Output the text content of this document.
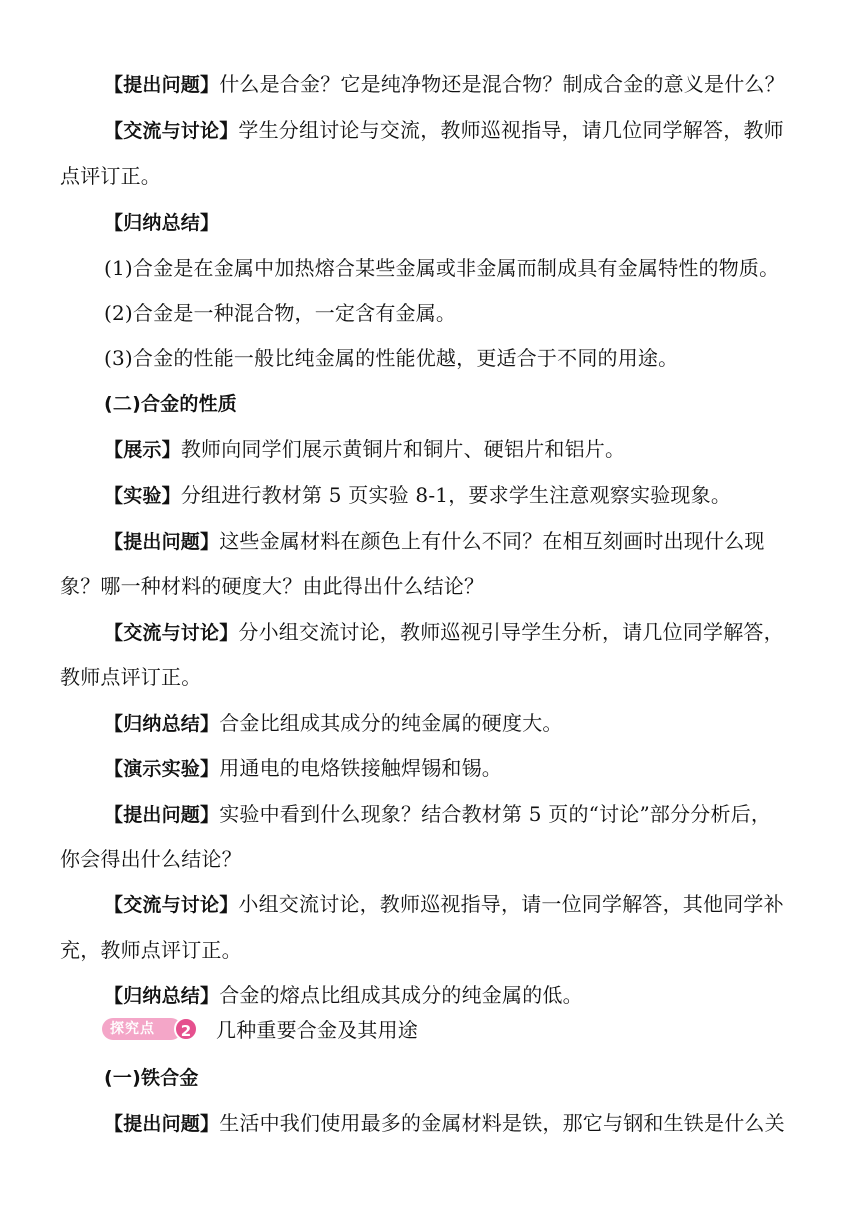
【提出问题】什么是合金？它是纯净物还是混合物？制成合金的意义是什么？
【交流与讨论】学生分组讨论与交流，教师巡视指导，请几位同学解答，教师
点评订正。
【归纳总结】
(1)合金是在金属中加热熔合某些金属或非金属而制成具有金属特性的物质。
(2)合金是一种混合物，一定含有金属。
(3)合金的性能一般比纯金属的性能优越，更适合于不同的用途。
(二)合金的性质
【展示】教师向同学们展示黄铜片和铜片、硬铝片和铝片。
【实验】分组进行教材第 5 页实验 8-1，要求学生注意观察实验现象。
【提出问题】这些金属材料在颜色上有什么不同？在相互刻画时出现什么现
象？哪一种材料的硬度大？由此得出什么结论？
【交流与讨论】分小组交流讨论，教师巡视引导学生分析，请几位同学解答，
教师点评订正。
【归纳总结】合金比组成其成分的纯金属的硬度大。
【演示实验】用通电的电烙铁接触焊锡和锡。
【提出问题】实验中看到什么现象？结合教材第 5 页的“讨论”部分分析后，
你会得出什么结论？
【交流与讨论】小组交流讨论，教师巡视指导，请一位同学解答，其他同学补
充，教师点评订正。
【归纳总结】合金的熔点比组成其成分的纯金属的低。
探究点	2	几种重要合金及其用途
(一)铁合金
【提出问题】生活中我们使用最多的金属材料是铁，那它与钢和生铁是什么关
